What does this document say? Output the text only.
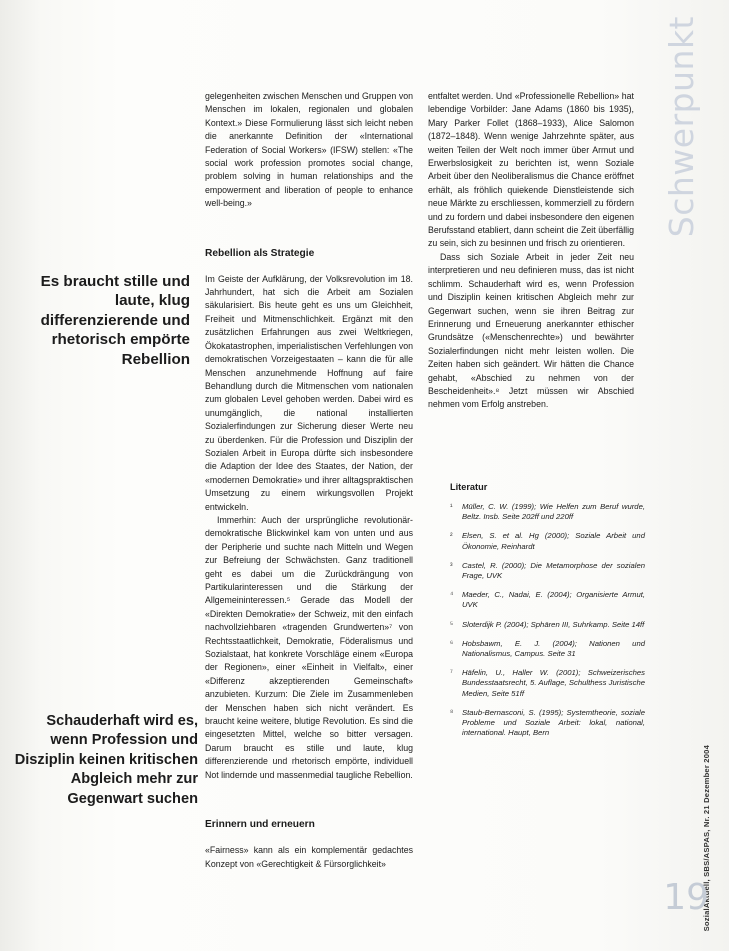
Schwerpunkt
Es braucht stille und laute, klug differenzierende und rhetorisch empörte Rebellion
Schauderhaft wird es, wenn Profession und Disziplin keinen kritischen Abgleich mehr zur Gegenwart suchen

gelegenheiten zwischen Menschen und Gruppen von Menschen im lokalen, regionalen und globalen Kontext.» Diese Formulierung lässt sich leicht neben die anerkannte Definition der «International Federation of Social Workers» (IFSW) stellen: «The social work profession promotes social change, problem solving in human relationships and the empowerment and liberation of people to enhance well-being.»

Rebellion als Strategie

Im Geiste der Aufklärung, der Volksrevolution im 18. Jahrhundert, hat sich die Arbeit am Sozialen säkularisiert. Bis heute geht es uns um Gleichheit, Freiheit und Mitmenschlichkeit. Ergänzt mit den zusätzlichen Erfahrungen aus zwei Weltkriegen, Ökokatastrophen, imperialistischen Verfehlungen von demokratischen Vorzeigestaaten – kann die für alle Menschen anzunehmende Hoffnung auf faire Behandlung durch die Mitmenschen vom nationalen zum globalen Level gehoben werden. Dabei wird es unumgänglich, die national installierten Sozialerfindungen zur Sicherung dieser Werte neu zu überdenken. Für die Profession und Disziplin der Sozialen Arbeit in Europa dürfte sich insbesondere die Adaption der Idee des Staates, der Nation, der «modernen Demokratie» und ihrer alltagspraktischen Umsetzung zu einem wirkungsvollen Projekt entwickeln.

Immerhin: Auch der ursprüngliche revolutionär-demokratische Blickwinkel kam von unten und aus der Peripherie und suchte nach Mitteln und Wegen zur Befreiung der Schwächsten. Ganz traditionell geht es dabei um die Zurückdrängung von Partikularinteressen und die Stärkung der Allgemeininteressen.⁵ Gerade das Modell der «Direkten Demokratie» der Schweiz, mit den einfach nachvollziehbaren «tragenden Grundwerten»⁷ von Rechtsstaatlichkeit, Demokratie, Föderalismus und Sozialstaat, hat konkrete Vorschläge einem «Europa der Regionen», einer «Einheit in Vielfalt», einer «Differenz akzeptierenden Gemeinschaft» anzubieten. Kurzum: Die Ziele im Zusammenleben der Menschen haben sich nicht verändert. Es braucht keine weitere, blutige Revolution. Es sind die eingesetzten Mittel, welche so bitter versagen. Darum braucht es stille und laute, klug differenzierende und rhetorisch empörte, individuell Not lindernde und massenmedial taugliche Rebellion.

Erinnern und erneuern

«Fairness» kann als ein komplementär gedachtes Konzept von «Gerechtigkeit & Fürsorglichkeit»

entfaltet werden. Und «Professionelle Rebellion» hat lebendige Vorbilder: Jane Adams (1860 bis 1935), Mary Parker Follet (1868–1933), Alice Salomon (1872–1848). Wenn wenige Jahrzehnte später, aus weiten Teilen der Welt noch immer über Armut und Erwerbslosigkeit zu berichten ist, wenn Soziale Arbeit über den Neoliberalismus die Chance eröffnet erhält, als fröhlich quiekende Dienstleistende sich neue Märkte zu erschliessen, kommerziell zu fördern und zu fordern und dabei insbesondere den eigenen Berufsstand etabliert, dann scheint die Zeit überfällig zu sein, sich zu besinnen und frisch zu orientieren.

Dass sich Soziale Arbeit in jeder Zeit neu interpretieren und neu definieren muss, das ist nicht schlimm. Schauderhaft wird es, wenn Profession und Disziplin keinen kritischen Abgleich mehr zur Gegenwart suchen, wenn sie ihren Beitrag zur Erinnerung und Erneuerung anerkannter ethischer Grundsätze («Menschenrechte») und bewährter Sozialerfindungen nicht mehr leisten wollen. Die Zeiten haben sich geändert. Wir hätten die Chance gehabt, «Abschied zu nehmen von der Bescheidenheit».⁸ Jetzt müssen wir Abschied nehmen vom Erfolg anstreben.

Literatur
¹	Müller, C. W. (1999); Wie Helfen zum Beruf wurde, Beltz. Insb. Seite 202ff und 220ff
²	Elsen, S. et al. Hg (2000); Soziale Arbeit und Ökonomie, Reinhardt
³	Castel, R. (2000); Die Metamorphose der sozialen Frage, UVK
⁴	Maeder, C., Nadai, E. (2004); Organisierte Armut, UVK
⁵	Sloterdijk P. (2004); Sphären III, Suhrkamp. Seite 14ff
⁶	Hobsbawm, E. J. (2004); Nationen und Nationalismus, Campus. Seite 31
⁷	Häfelin, U., Haller W. (2001); Schweizerisches Bundesstaatsrecht, 5. Auflage, Schulthess Juristische Medien, Seite 51ff
⁸	Staub-Bernasconi, S. (1995); Systemtheorie, soziale Probleme und Soziale Arbeit: lokal, national, international. Haupt, Bern
SozialAktuell, SBS/ASPAS, Nr. 21 Dezember 2004
19
